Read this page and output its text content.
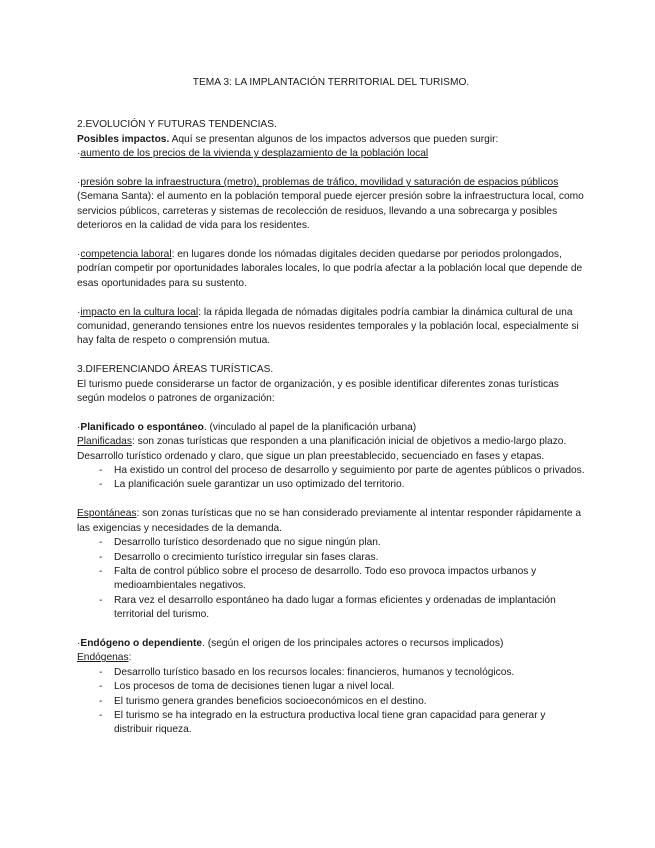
TEMA 3: LA IMPLANTACIÓN TERRITORIAL DEL TURISMO.

2.EVOLUCIÓN Y FUTURAS TENDENCIAS.

Posibles impactos. Aquí se presentan algunos de los impactos adversos que pueden surgir:

·aumento de los precios de la vivienda y desplazamiento de la población local

·presión sobre la infraestructura (metro), problemas de tráfico, movilidad y saturación de espacios públicos (Semana Santa): el aumento en la población temporal puede ejercer presión sobre la infraestructura local, como servicios públicos, carreteras y sistemas de recolección de residuos, llevando a una sobrecarga y posibles deterioros en la calidad de vida para los residentes.

·competencia laboral: en lugares donde los nómadas digitales deciden quedarse por periodos prolongados, podrían competir por oportunidades laborales locales, lo que podría afectar a la población local que depende de esas oportunidades para su sustento.

·impacto en la cultura local: la rápida llegada de nómadas digitales podría cambiar la dinámica cultural de una comunidad, generando tensiones entre los nuevos residentes temporales y la población local, especialmente si hay falta de respeto o comprensión mutua.

3.DIFERENCIANDO ÁREAS TURÍSTICAS.

El turismo puede considerarse un factor de organización, y es posible identificar diferentes zonas turísticas según modelos o patrones de organización:

·Planificado o espontáneo. (vinculado al papel de la planificación urbana)

Planificadas: son zonas turísticas que responden a una planificación inicial de objetivos a medio-largo plazo. Desarrollo turístico ordenado y claro, que sigue un plan preestablecido, secuenciado en fases y etapas.

- Ha existido un control del proceso de desarrollo y seguimiento por parte de agentes públicos o privados.
- La planificación suele garantizar un uso optimizado del territorio.

Espontáneas: son zonas turísticas que no se han considerado previamente al intentar responder rápidamente a las exigencias y necesidades de la demanda.

- Desarrollo turístico desordenado que no sigue ningún plan.
- Desarrollo o crecimiento turístico irregular sin fases claras.
- Falta de control público sobre el proceso de desarrollo. Todo eso provoca impactos urbanos y medioambientales negativos.
- Rara vez el desarrollo espontáneo ha dado lugar a formas eficientes y ordenadas de implantación territorial del turismo.

·Endógeno o dependiente. (según el origen de los principales actores o recursos implicados)

Endógenas:

- Desarrollo turístico basado en los recursos locales: financieros, humanos y tecnológicos.
- Los procesos de toma de decisiones tienen lugar a nivel local.
- El turismo genera grandes beneficios socioeconómicos en el destino.
- El turismo se ha integrado en la estructura productiva local tiene gran capacidad para generar y distribuir riqueza.
